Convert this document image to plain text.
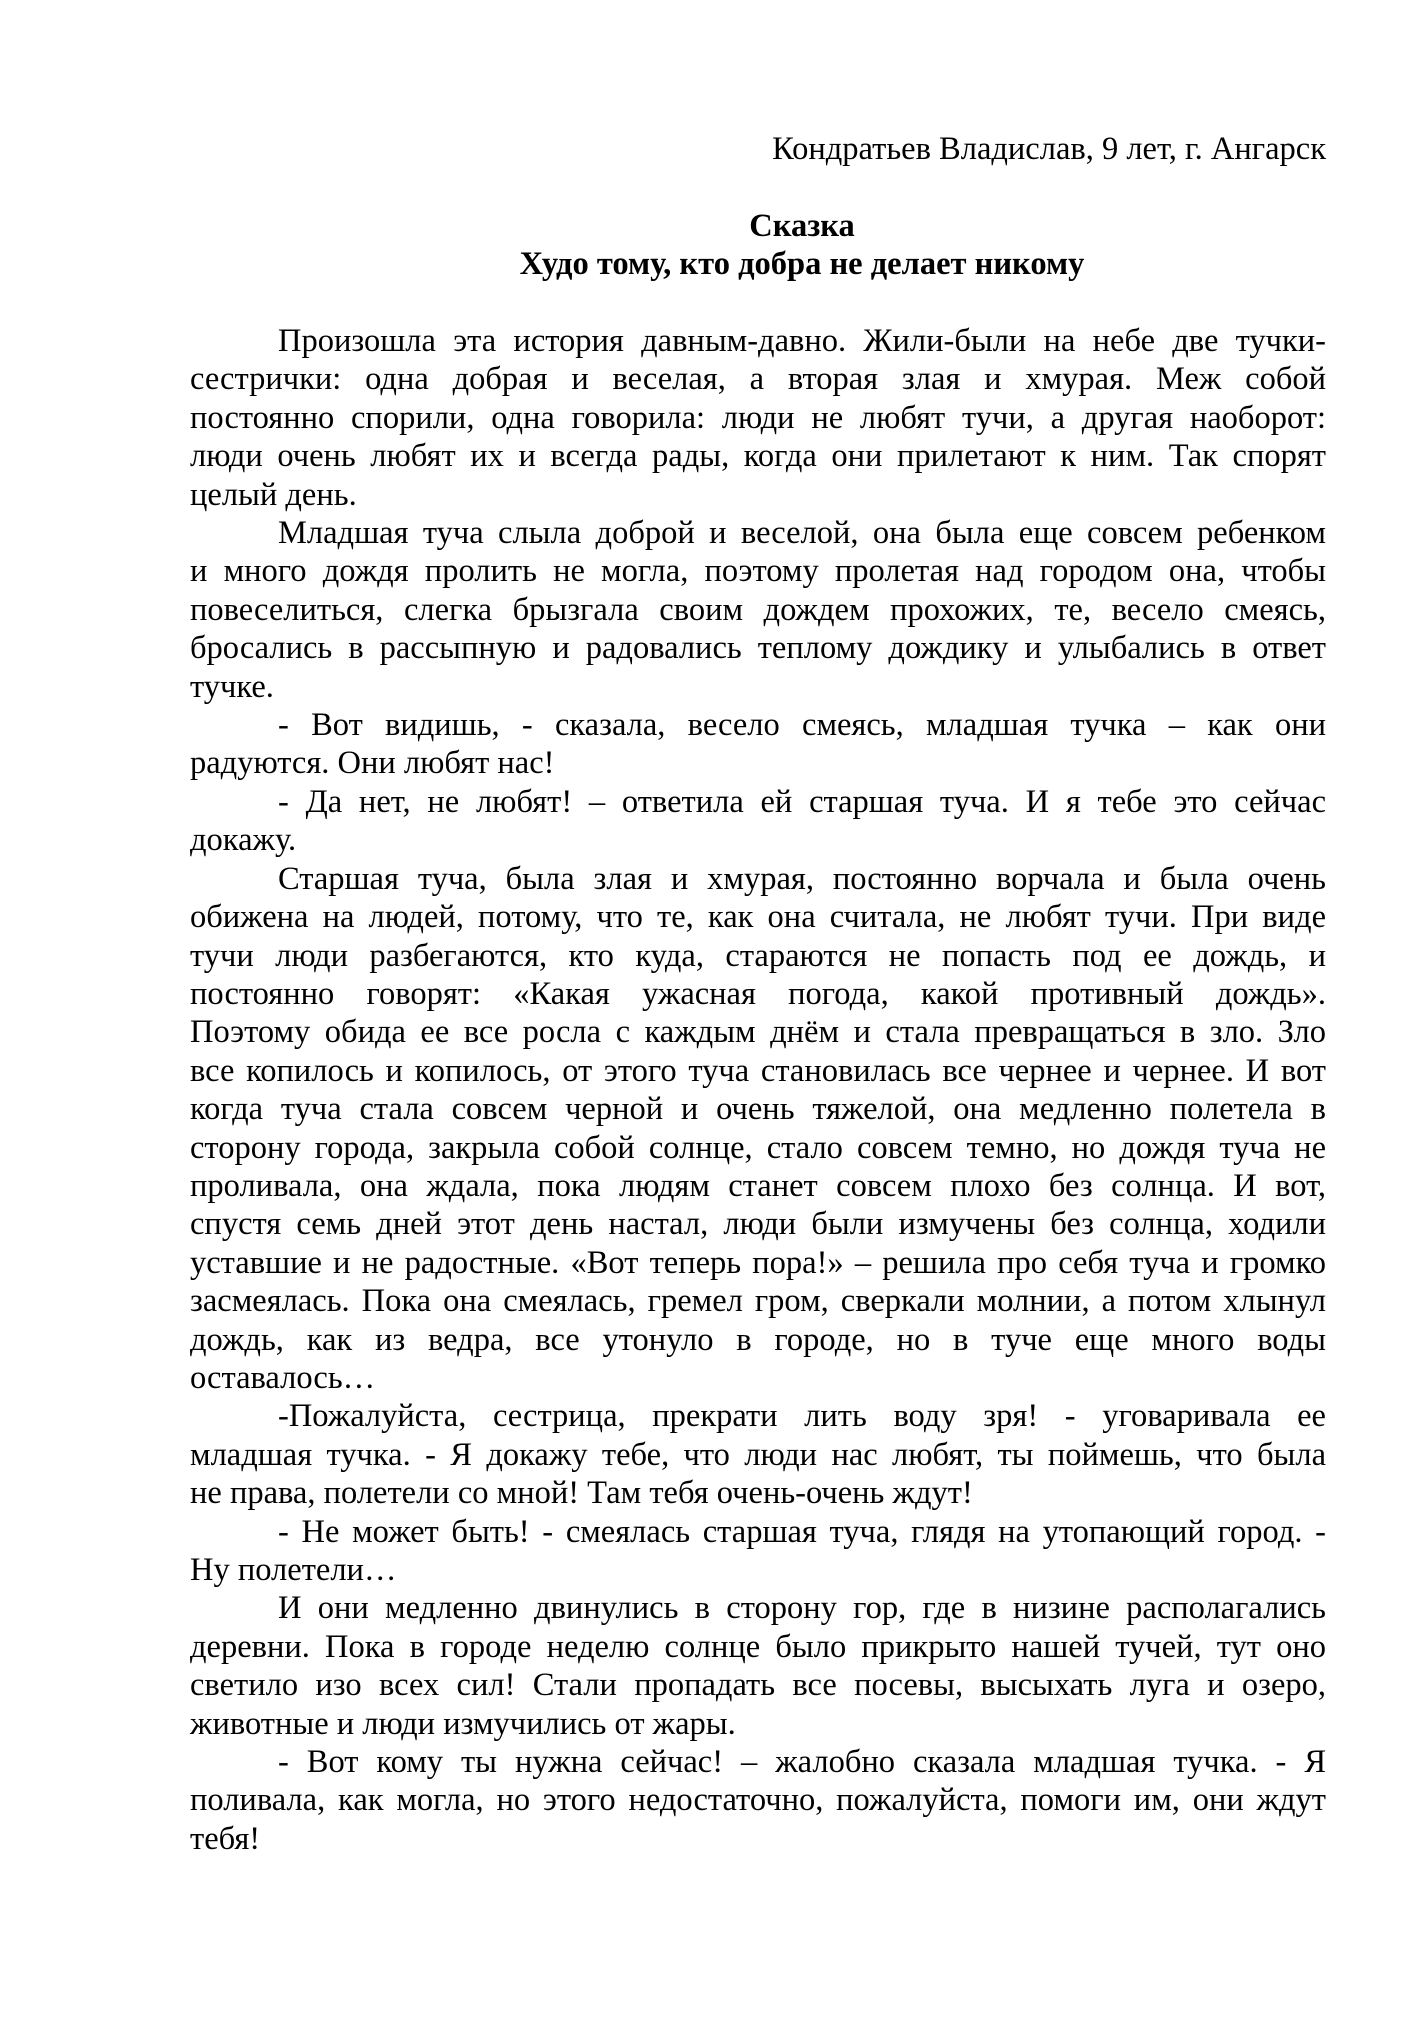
Кондратьев Владислав, 9 лет, г. Ангарск
Сказка
Худо тому, кто добра не делает никому
Произошла эта история давным-давно. Жили-были на небе две тучки-
сестрички: одна добрая и веселая, а вторая злая и хмурая. Меж собой
постоянно спорили, одна говорила: люди не любят тучи, а другая наоборот:
люди очень любят их и всегда рады, когда они прилетают к ним. Так спорят
целый день.
Младшая туча слыла доброй и веселой, она была еще совсем ребенком
и много дождя пролить не могла, поэтому пролетая над городом она, чтобы
повеселиться, слегка брызгала своим дождем прохожих, те, весело смеясь,
бросались в рассыпную и радовались теплому дождику и улыбались в ответ
тучке.
- Вот видишь, - сказала, весело смеясь, младшая тучка – как они
радуются. Они любят нас!
- Да нет, не любят! – ответила ей старшая туча. И я тебе это сейчас
докажу.
Старшая туча, была злая и хмурая, постоянно ворчала и была очень
обижена на людей, потому, что те, как она считала, не любят тучи. При виде
тучи люди разбегаются, кто куда, стараются не попасть под ее дождь, и
постоянно говорят: «Какая ужасная погода, какой противный дождь».
Поэтому обида ее все росла с каждым днём и стала превращаться в зло. Зло
все копилось и копилось, от этого туча становилась все чернее и чернее. И вот
когда туча стала совсем черной и очень тяжелой, она медленно полетела в
сторону города, закрыла собой солнце, стало совсем темно, но дождя туча не
проливала, она ждала, пока людям станет совсем плохо без солнца. И вот,
спустя семь дней этот день настал, люди были измучены без солнца, ходили
уставшие и не радостные. «Вот теперь пора!» – решила про себя туча и громко
засмеялась. Пока она смеялась, гремел гром, сверкали молнии, а потом хлынул
дождь, как из ведра, все утонуло в городе, но в туче еще много воды
оставалось…
-Пожалуйста, сестрица, прекрати лить воду зря! - уговаривала ее
младшая тучка. - Я докажу тебе, что люди нас любят, ты поймешь, что была
не права, полетели со мной! Там тебя очень-очень ждут!
- Не может быть! - смеялась старшая туча, глядя на утопающий город. -
Ну полетели…
И они медленно двинулись в сторону гор, где в низине располагались
деревни. Пока в городе неделю солнце было прикрыто нашей тучей, тут оно
светило изо всех сил! Стали пропадать все посевы, высыхать луга и озеро,
животные и люди измучились от жары.
- Вот кому ты нужна сейчас! – жалобно сказала младшая тучка. - Я
поливала, как могла, но этого недостаточно, пожалуйста, помоги им, они ждут
тебя!
